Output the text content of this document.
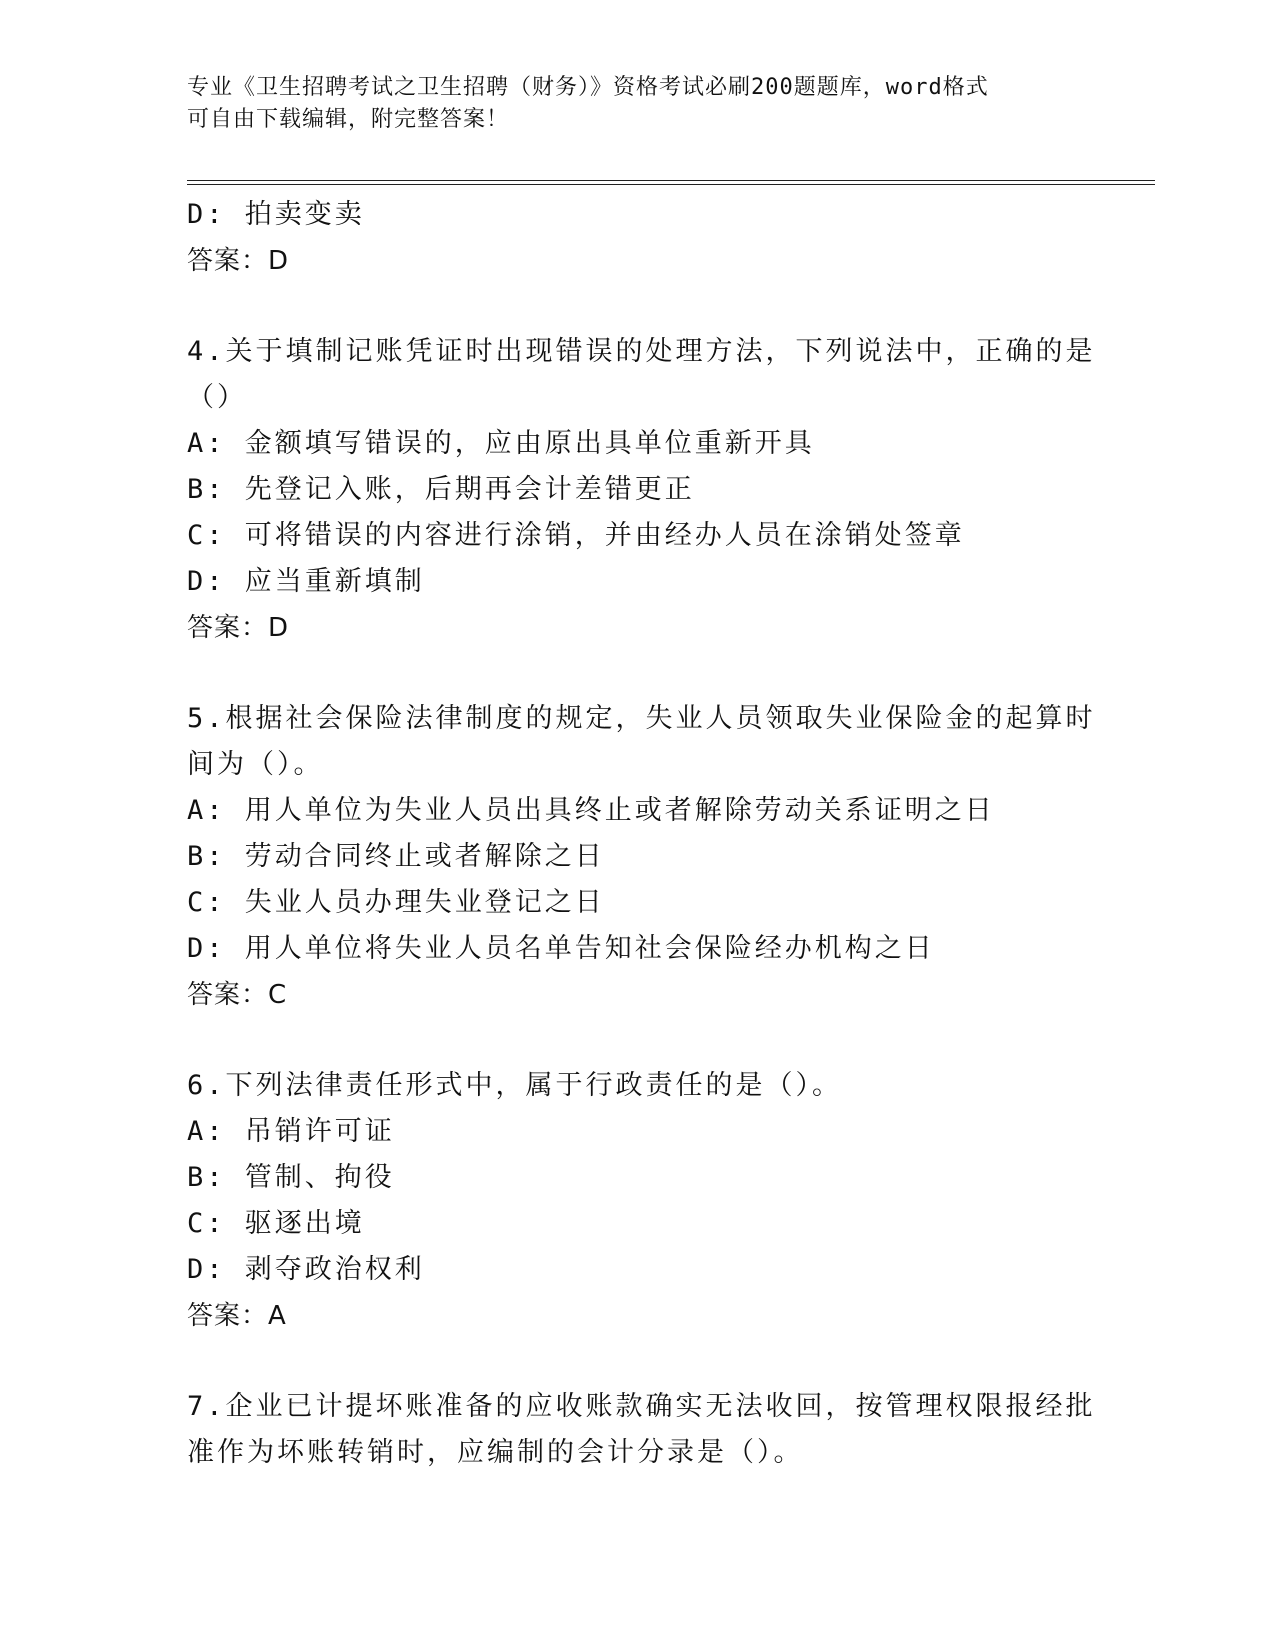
专业《卫生招聘考试之卫生招聘（财务）》资格考试必刷200题题库，word格式
可自由下载编辑，附完整答案！
D: 拍卖变卖
答案：D
4.关于填制记账凭证时出现错误的处理方法，下列说法中，正确的是
（）
A: 金额填写错误的，应由原出具单位重新开具
B: 先登记入账，后期再会计差错更正
C: 可将错误的内容进行涂销，并由经办人员在涂销处签章
D: 应当重新填制
答案：D
5.根据社会保险法律制度的规定，失业人员领取失业保险金的起算时
间为（）。
A: 用人单位为失业人员出具终止或者解除劳动关系证明之日
B: 劳动合同终止或者解除之日
C: 失业人员办理失业登记之日
D: 用人单位将失业人员名单告知社会保险经办机构之日
答案：C
6.下列法律责任形式中，属于行政责任的是（）。
A: 吊销许可证
B: 管制、拘役
C: 驱逐出境
D: 剥夺政治权利
答案：A
7.企业已计提坏账准备的应收账款确实无法收回，按管理权限报经批
准作为坏账转销时，应编制的会计分录是（）。
